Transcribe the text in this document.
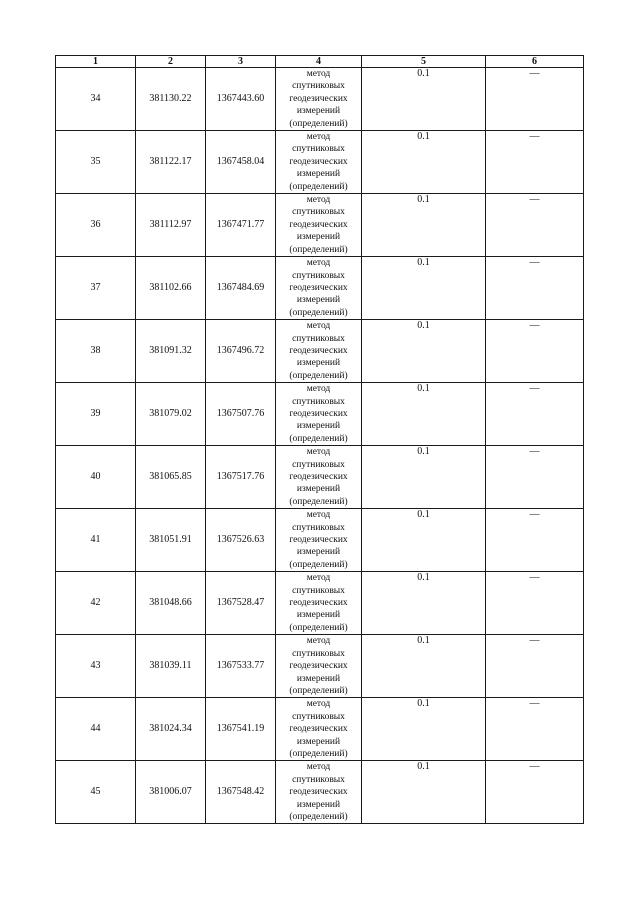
1	2	3	4	5	6
34	381130.22	1367443.60	метод
спутниковых
геодезических
измерений
(определений)	0.1	—
35	381122.17	1367458.04	метод
спутниковых
геодезических
измерений
(определений)	0.1	—
36	381112.97	1367471.77	метод
спутниковых
геодезических
измерений
(определений)	0.1	—
37	381102.66	1367484.69	метод
спутниковых
геодезических
измерений
(определений)	0.1	—
38	381091.32	1367496.72	метод
спутниковых
геодезических
измерений
(определений)	0.1	—
39	381079.02	1367507.76	метод
спутниковых
геодезических
измерений
(определений)	0.1	—
40	381065.85	1367517.76	метод
спутниковых
геодезических
измерений
(определений)	0.1	—
41	381051.91	1367526.63	метод
спутниковых
геодезических
измерений
(определений)	0.1	—
42	381048.66	1367528.47	метод
спутниковых
геодезических
измерений
(определений)	0.1	—
43	381039.11	1367533.77	метод
спутниковых
геодезических
измерений
(определений)	0.1	—
44	381024.34	1367541.19	метод
спутниковых
геодезических
измерений
(определений)	0.1	—
45	381006.07	1367548.42	метод
спутниковых
геодезических
измерений
(определений)	0.1	—
